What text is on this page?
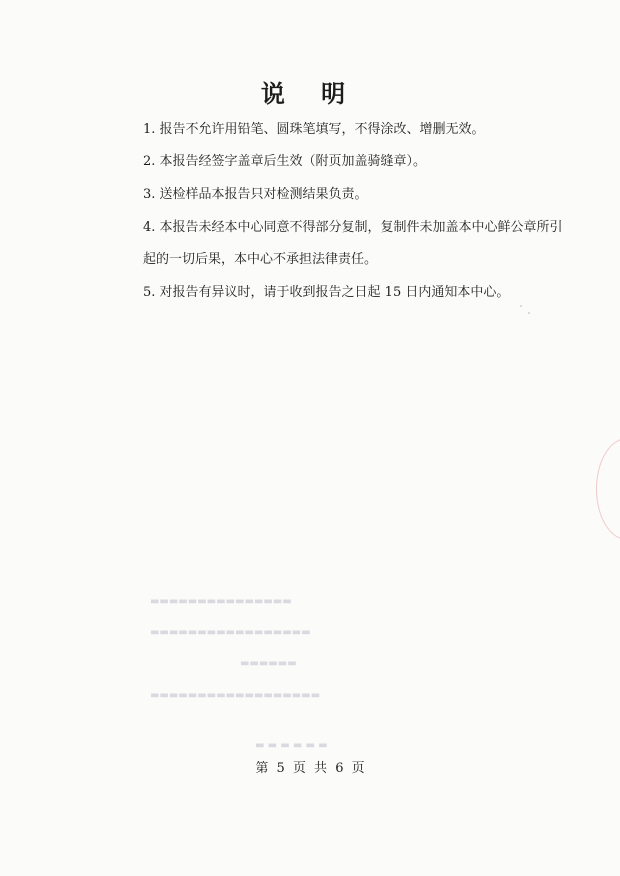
说 明
1. 报告不允许用铅笔、圆珠笔填写，不得涂改、增删无效。
2. 本报告经签字盖章后生效（附页加盖骑缝章）。
3. 送检样品本报告只对检测结果负责。
4. 本报告未经本中心同意不得部分复制，复制件未加盖本中心鲜公章所引
起的一切后果，本中心不承担法律责任。
5. 对报告有异议时，请于收到报告之日起 15 日内通知本中心。
▬▬▬▬▬▬▬▬▬▬▬▬▬▬▬
▬▬▬▬▬▬▬▬▬▬▬▬▬▬▬▬▬
▬▬▬▬▬▬
▬▬▬▬▬▬▬▬▬▬▬▬▬▬▬▬▬▬
▬ ▬ ▬ ▬ ▬ ▬
第 5 页 共 6 页
